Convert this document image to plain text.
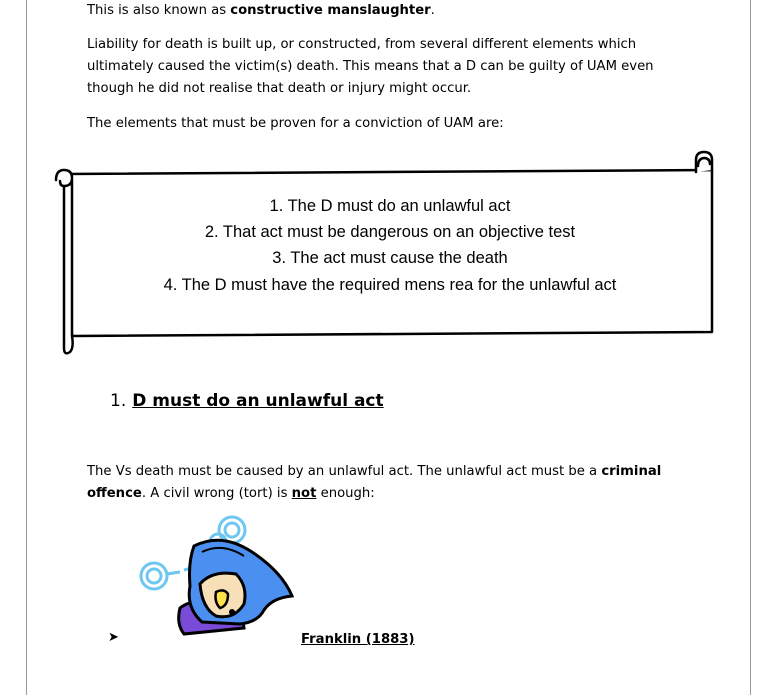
This is also known as constructive manslaughter.

Liability for death is built up, or constructed, from several different elements which ultimately caused the victim(s) death. This means that a D can be guilty of UAM even though he did not realise that death or injury might occur.

The elements that must be proven for a conviction of UAM are:

1. The D must do an unlawful act
2. That act must be dangerous on an objective test
3. The act must cause the death
4. The D must have the required mens rea for the unlawful act
1. D must do an unlawful act

The Vs death must be caused by an unlawful act. The unlawful act must be a criminal offence. A civil wrong (tort) is not enough:

➤	Franklin (1883)
